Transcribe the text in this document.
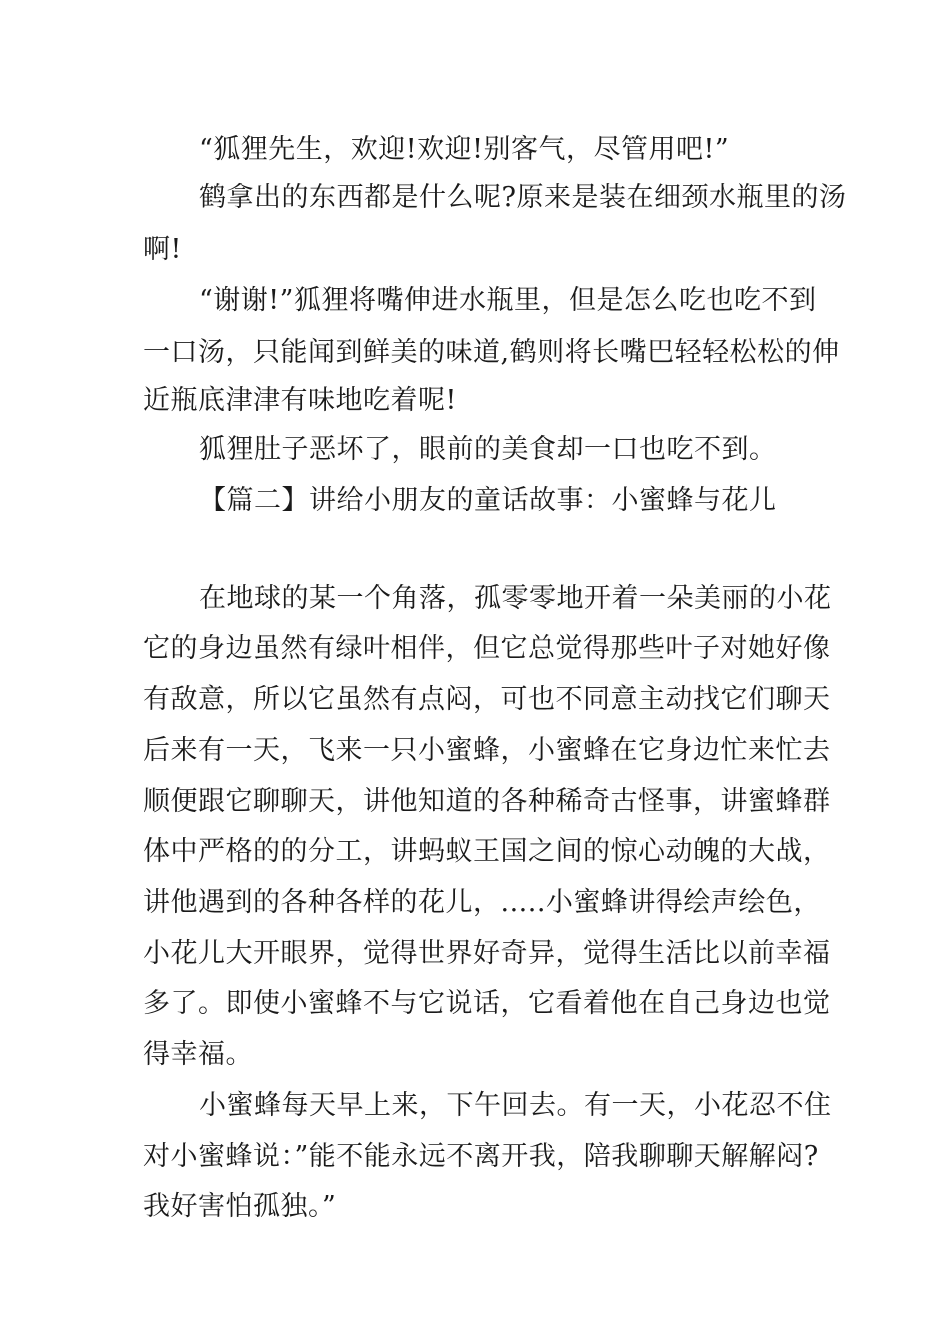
“狐狸先生，欢迎!欢迎!别客气，尽管用吧!”
鹤拿出的东西都是什么呢?原来是装在细颈水瓶里的汤
啊!
“谢谢!”狐狸将嘴伸进水瓶里，但是怎么吃也吃不到
一口汤，只能闻到鲜美的味道,鹤则将长嘴巴轻轻松松的伸
近瓶底津津有味地吃着呢!
狐狸肚子恶坏了，眼前的美食却一口也吃不到。
【篇二】讲给小朋友的童话故事：小蜜蜂与花儿
在地球的某一个角落，孤零零地开着一朵美丽的小花
它的身边虽然有绿叶相伴，但它总觉得那些叶子对她好像
有敌意，所以它虽然有点闷，可也不同意主动找它们聊天
后来有一天，飞来一只小蜜蜂，小蜜蜂在它身边忙来忙去
顺便跟它聊聊天，讲他知道的各种稀奇古怪事，讲蜜蜂群
体中严格的的分工，讲蚂蚁王国之间的惊心动魄的大战，
讲他遇到的各种各样的花儿，.....小蜜蜂讲得绘声绘色，
小花儿大开眼界，觉得世界好奇异，觉得生活比以前幸福
多了。即使小蜜蜂不与它说话，它看着他在自己身边也觉
得幸福。
小蜜蜂每天早上来，下午回去。有一天，小花忍不住
对小蜜蜂说：”能不能永远不离开我，陪我聊聊天解解闷?
我好害怕孤独。”
